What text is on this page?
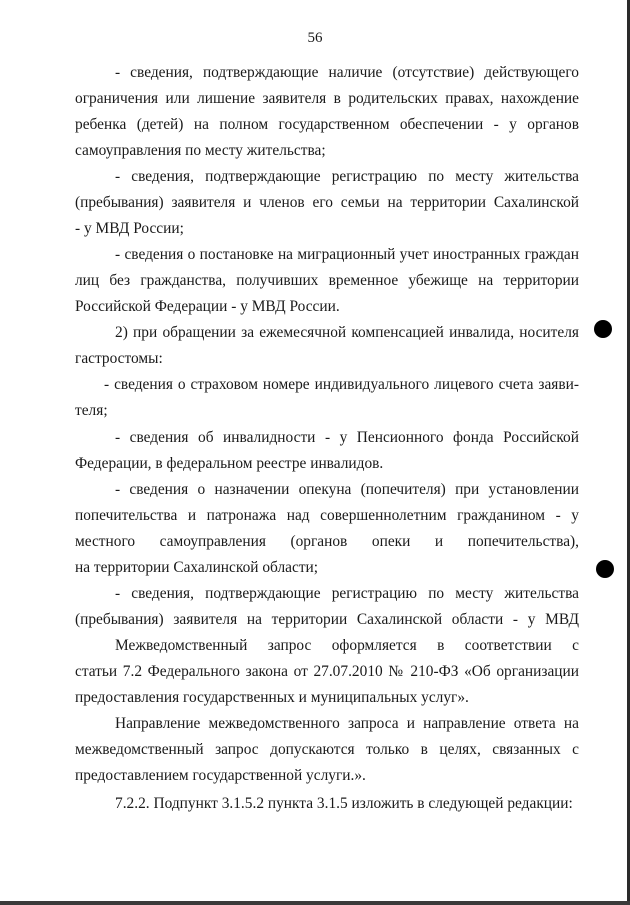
56
- сведения, подтверждающие наличие (отсутствие) действующего
ограничения или лишение заявителя в родительских правах, нахождение
ребенка (детей) на полном государственном обеспечении - у органов
самоуправления по месту жительства;
- сведения, подтверждающие регистрацию по месту жительства
(пребывания) заявителя и членов его семьи на территории Сахалинской
- у МВД России;
- сведения о постановке на миграционный учет иностранных граждан
лиц без гражданства, получивших временное убежище на территории
Российской Федерации - у МВД России.
2) при обращении за ежемесячной компенсацией инвалида, носителя
гастростомы:
- сведения о страховом номере индивидуального лицевого счета заяви-
теля;
- сведения об инвалидности - у Пенсионного фонда Российской
Федерации, в федеральном реестре инвалидов.
- сведения о назначении опекуна (попечителя) при установлении
попечительства и патронажа над совершеннолетним гражданином - у
местного самоуправления (органов опеки и попечительства),
на территории Сахалинской области;
- сведения, подтверждающие регистрацию по месту жительства
(пребывания) заявителя на территории Сахалинской области - у МВД
Межведомственный запрос оформляется в соответствии с
статьи 7.2 Федерального закона от 27.07.2010 № 210-ФЗ «Об организации
предоставления государственных и муниципальных услуг».
Направление межведомственного запроса и направление ответа на
межведомственный запрос допускаются только в целях, связанных с
предоставлением государственной услуги.».
7.2.2. Подпункт 3.1.5.2 пункта 3.1.5 изложить в следующей редакции:
